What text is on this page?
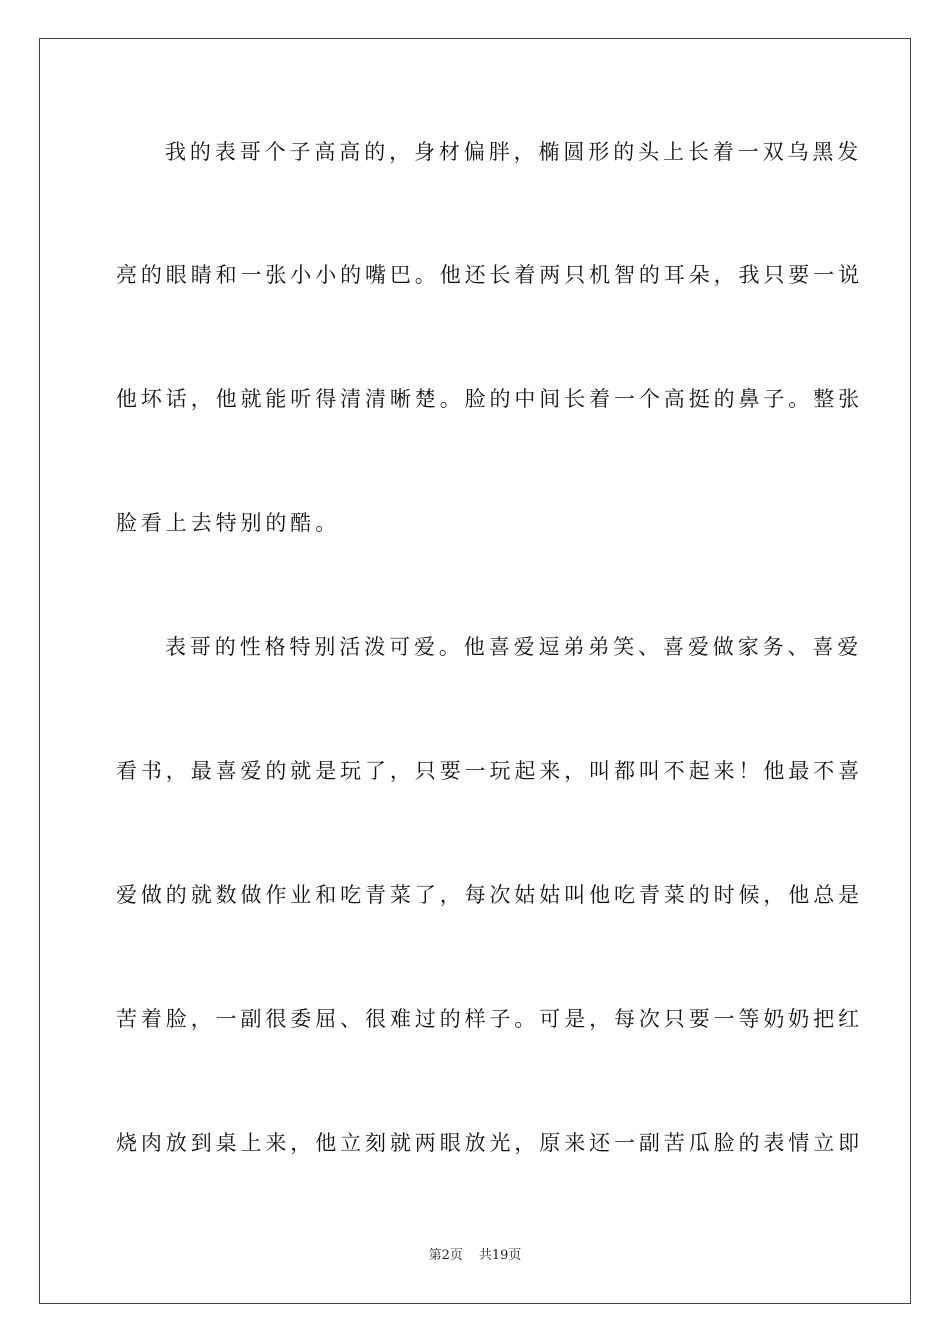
我的表哥个子高高的，身材偏胖，椭圆形的头上长着一双乌黑发
亮的眼睛和一张小小的嘴巴。他还长着两只机智的耳朵，我只要一说
他坏话，他就能听得清清晰楚。脸的中间长着一个高挺的鼻子。整张
脸看上去特别的酷。
表哥的性格特别活泼可爱。他喜爱逗弟弟笑、喜爱做家务、喜爱
看书，最喜爱的就是玩了，只要一玩起来，叫都叫不起来！他最不喜
爱做的就数做作业和吃青菜了，每次姑姑叫他吃青菜的时候，他总是
苦着脸，一副很委屈、很难过的样子。可是，每次只要一等奶奶把红
烧肉放到桌上来，他立刻就两眼放光，原来还一副苦瓜脸的表情立即
第2页 共19页
